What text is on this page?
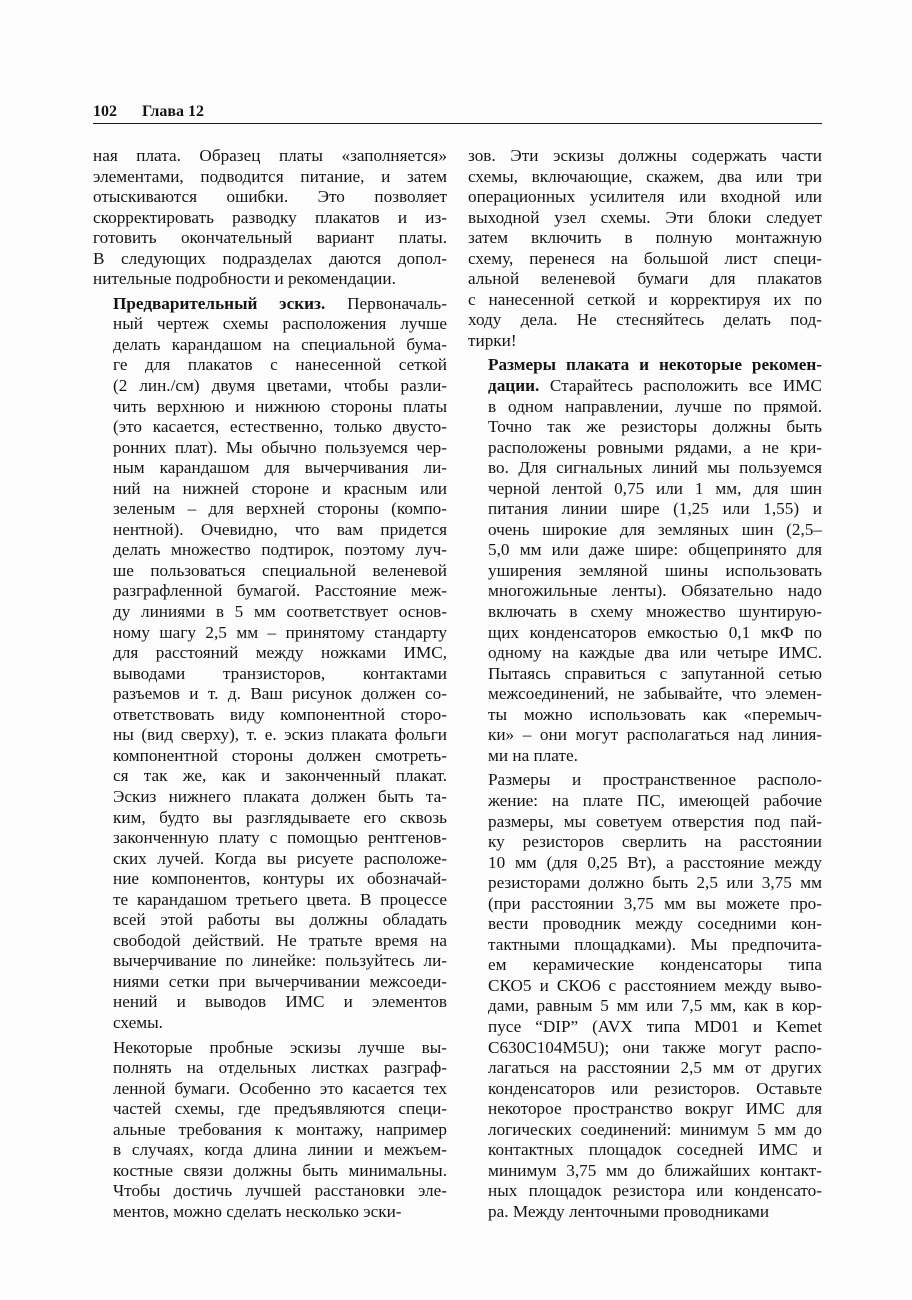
102 Глава 12

ная плата. Образец платы «заполняется»
элементами, подводится питание, и затем
отыскиваются ошибки. Это позволяет
скорректировать разводку плакатов и из-
готовить окончательный вариант платы.
В следующих подразделах даются допол-
нительные подробности и рекомендации.

Предварительный эскиз. Первоначаль-
ный чертеж схемы расположения лучше
делать карандашом на специальной бума-
ге для плакатов с нанесенной сеткой
(2 лин./см) двумя цветами, чтобы разли-
чить верхнюю и нижнюю стороны платы
(это касается, естественно, только двусто-
ронних плат). Мы обычно пользуемся чер-
ным карандашом для вычерчивания ли-
ний на нижней стороне и красным или
зеленым – для верхней стороны (компо-
нентной). Очевидно, что вам придется
делать множество подтирок, поэтому луч-
ше пользоваться специальной веленевой
разграфленной бумагой. Расстояние меж-
ду линиями в 5 мм соответствует основ-
ному шагу 2,5 мм – принятому стандарту
для расстояний между ножками ИМС,
выводами транзисторов, контактами
разъемов и т. д. Ваш рисунок должен со-
ответствовать виду компонентной сторо-
ны (вид сверху), т. е. эскиз плаката фольги
компонентной стороны должен смотреть-
ся так же, как и законченный плакат.
Эскиз нижнего плаката должен быть та-
ким, будто вы разглядываете его сквозь
законченную плату с помощью рентгенов-
ских лучей. Когда вы рисуете расположе-
ние компонентов, контуры их обозначай-
те карандашом третьего цвета. В процессе
всей этой работы вы должны обладать
свободой действий. Не тратьте время на
вычерчивание по линейке: пользуйтесь ли-
ниями сетки при вычерчивании межсоеди-
нений и выводов ИМС и элементов
схемы.

Некоторые пробные эскизы лучше вы-
полнять на отдельных листках разграф-
ленной бумаги. Особенно это касается тех
частей схемы, где предъявляются специ-
альные требования к монтажу, например
в случаях, когда длина линии и межъем-
костные связи должны быть минимальны.
Чтобы достичь лучшей расстановки эле-
ментов, можно сделать несколько эски-

зов. Эти эскизы должны содержать части
схемы, включающие, скажем, два или три
операционных усилителя или входной или
выходной узел схемы. Эти блоки следует
затем включить в полную монтажную
схему, перенеся на большой лист специ-
альной веленевой бумаги для плакатов
с нанесенной сеткой и корректируя их по
ходу дела. Не стесняйтесь делать под-
тирки!

Размеры плаката и некоторые рекомен-
дации. Старайтесь расположить все ИМС
в одном направлении, лучше по прямой.
Точно так же резисторы должны быть
расположены ровными рядами, а не кри-
во. Для сигнальных линий мы пользуемся
черной лентой 0,75 или 1 мм, для шин
питания линии шире (1,25 или 1,55) и
очень широкие для земляных шин (2,5–
5,0 мм или даже шире: общепринято для
уширения земляной шины использовать
многожильные ленты). Обязательно надо
включать в схему множество шунтирую-
щих конденсаторов емкостью 0,1 мкФ по
одному на каждые два или четыре ИМС.
Пытаясь справиться с запутанной сетью
межсоединений, не забывайте, что элемен-
ты можно использовать как «перемыч-
ки» – они могут располагаться над линия-
ми на плате.

Размеры и пространственное располо-
жение: на плате ПС, имеющей рабочие
размеры, мы советуем отверстия под пай-
ку резисторов сверлить на расстоянии
10 мм (для 0,25 Вт), а расстояние между
резисторами должно быть 2,5 или 3,75 мм
(при расстоянии 3,75 мм вы можете про-
вести проводник между соседними кон-
тактными площадками). Мы предпочита-
ем керамические конденсаторы типа
СКО5 и СКО6 с расстоянием между выво-
дами, равным 5 мм или 7,5 мм, как в кор-
пусе “DIP” (AVX типа MD01 и Kemet
C630C104M5U); они также могут распо-
лагаться на расстоянии 2,5 мм от других
конденсаторов или резисторов. Оставьте
некоторое пространство вокруг ИМС для
логических соединений: минимум 5 мм до
контактных площадок соседней ИМС и
минимум 3,75 мм до ближайших контакт-
ных площадок резистора или конденсато-
ра. Между ленточными проводниками
